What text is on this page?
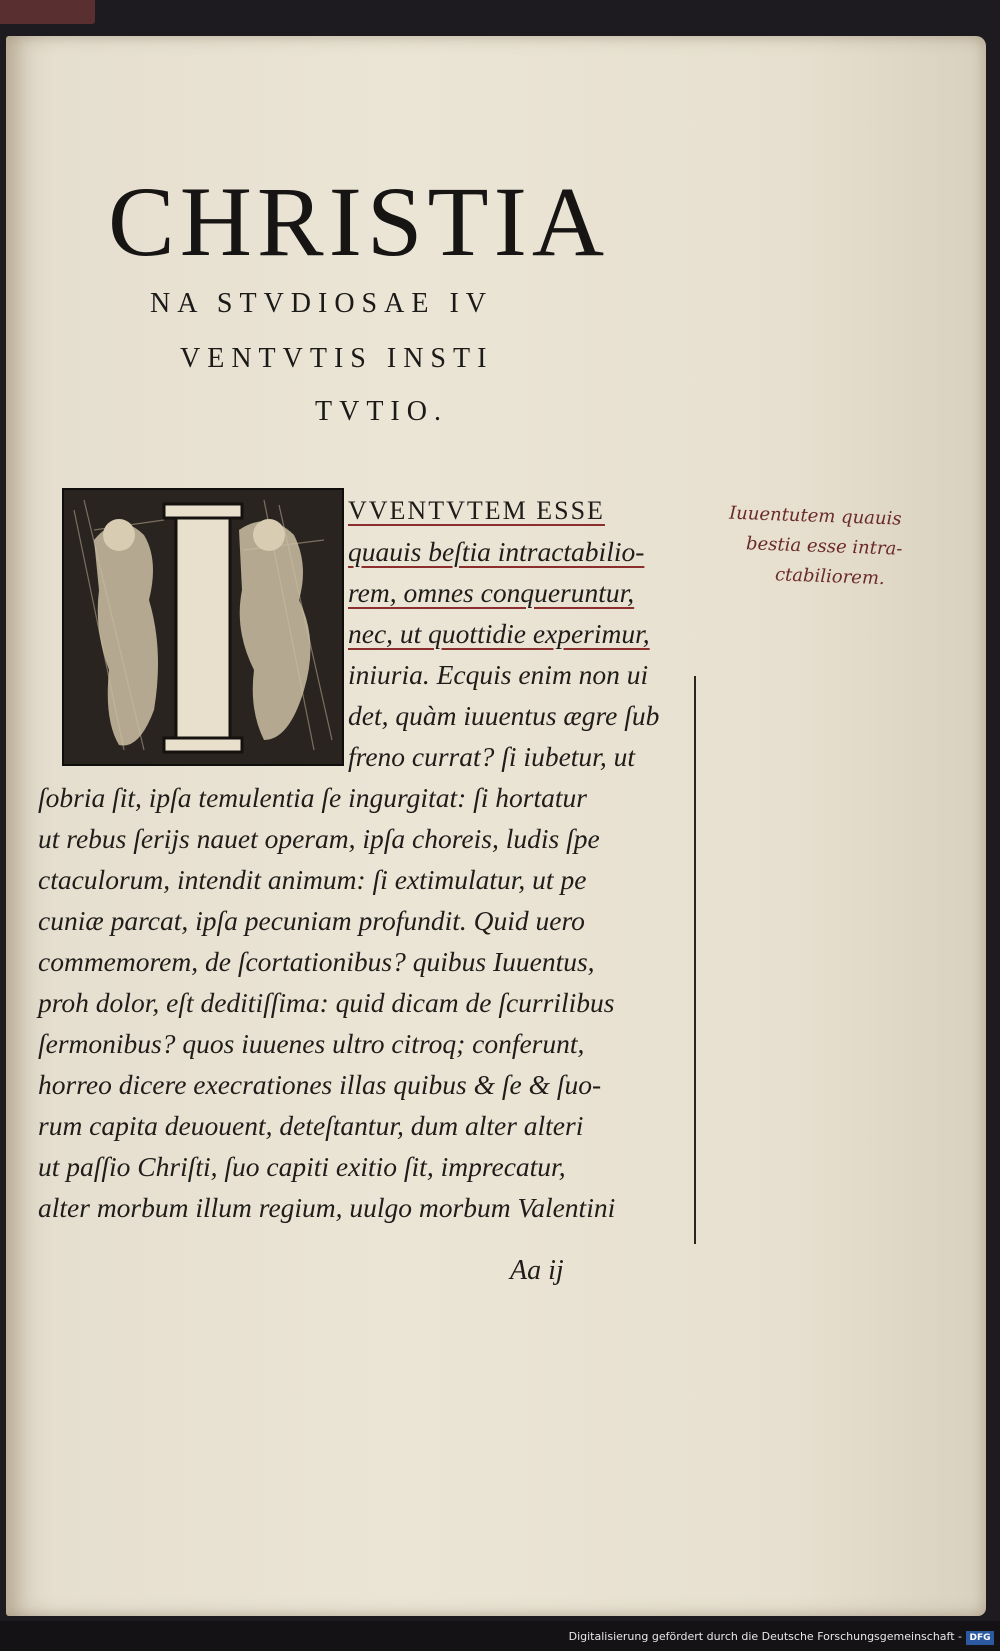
CHRISTIA
NA STVDIOSAE IV
VENTVTIS INSTI
TVTIO.
VVENTVTEM ESSE
quauis beſtia intractabilio-
rem, omnes conqueruntur,
nec, ut quottidie experimur,
iniuria. Ecquis enim non ui
det, quàm iuuentus ægre ſub
freno currat? ſi iubetur, ut
ſobria ſit, ipſa temulentia ſe ingurgitat: ſi hortatur
ut rebus ſerijs nauet operam, ipſa choreis, ludis ſpe
ctaculorum, intendit animum: ſi extimulatur, ut pe
cuniæ parcat, ipſa pecuniam profundit. Quid uero
commemorem, de ſcortationibus? quibus Iuuentus,
proh dolor, eſt deditiſſima: quid dicam de ſcurrilibus
ſermonibus? quos iuuenes ultro citroq; conferunt,
horreo dicere execrationes illas quibus & ſe & ſuo-
rum capita deuouent, deteſtantur, dum alter alteri
ut paſſio Chriſti, ſuo capiti exitio ſit, imprecatur,
alter morbum illum regium, uulgo morbum Valentini
Iuuentutem quauis
bestia esse intra-
ctabiliorem.
Aa ij
Digitalisierung gefördert durch die Deutsche Forschungsgemeinschaft - DFG
